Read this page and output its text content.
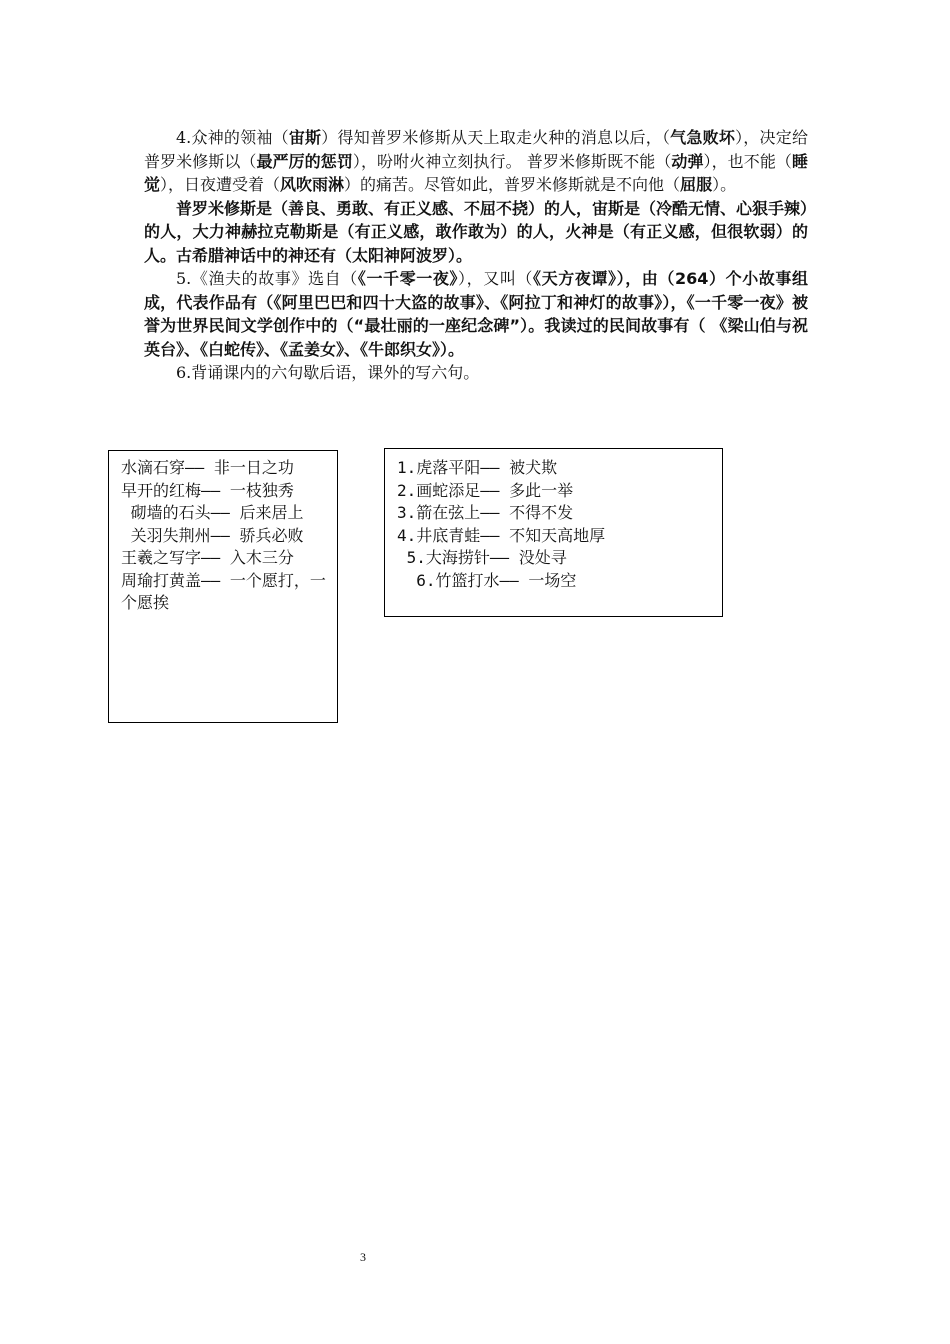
4.众神的领袖（宙斯）得知普罗米修斯从天上取走火种的消息以后，（气急败坏），决定给普罗米修斯以（最严厉的惩罚），吩咐火神立刻执行。 普罗米修斯既不能（动弹），也不能（睡觉），日夜遭受着（风吹雨淋）的痛苦。尽管如此，普罗米修斯就是不向他（屈服）。

普罗米修斯是（善良、勇敢、有正义感、不屈不挠）的人，宙斯是（冷酷无情、心狠手辣）的人，大力神赫拉克勒斯是（有正义感，敢作敢为）的人，火神是（有正义感，但很软弱）的人。古希腊神话中的神还有（太阳神阿波罗）。

5.《渔夫的故事》选自（《一千零一夜》），又叫（《天方夜谭》），由（264）个小故事组成，代表作品有（《阿里巴巴和四十大盗的故事》、《阿拉丁和神灯的故事》），《一千零一夜》被誉为世界民间文学创作中的（“最壮丽的一座纪念碑”）。我读过的民间故事有（ 《梁山伯与祝英台》、《白蛇传》、《孟姜女》、《牛郎织女》）。

6.背诵课内的六句歇后语，课外的写六句。

水滴石穿—— 非一日之功
早开的红梅—— 一枝独秀
砌墙的石头—— 后来居上
关羽失荆州—— 骄兵必败
王羲之写字—— 入木三分
周瑜打黄盖—— 一个愿打，一个愿挨
1.虎落平阳—— 被犬欺
2.画蛇添足—— 多此一举
3.箭在弦上—— 不得不发
4.井底青蛙—— 不知天高地厚
5.大海捞针—— 没处寻
6.竹篮打水—— 一场空
3
